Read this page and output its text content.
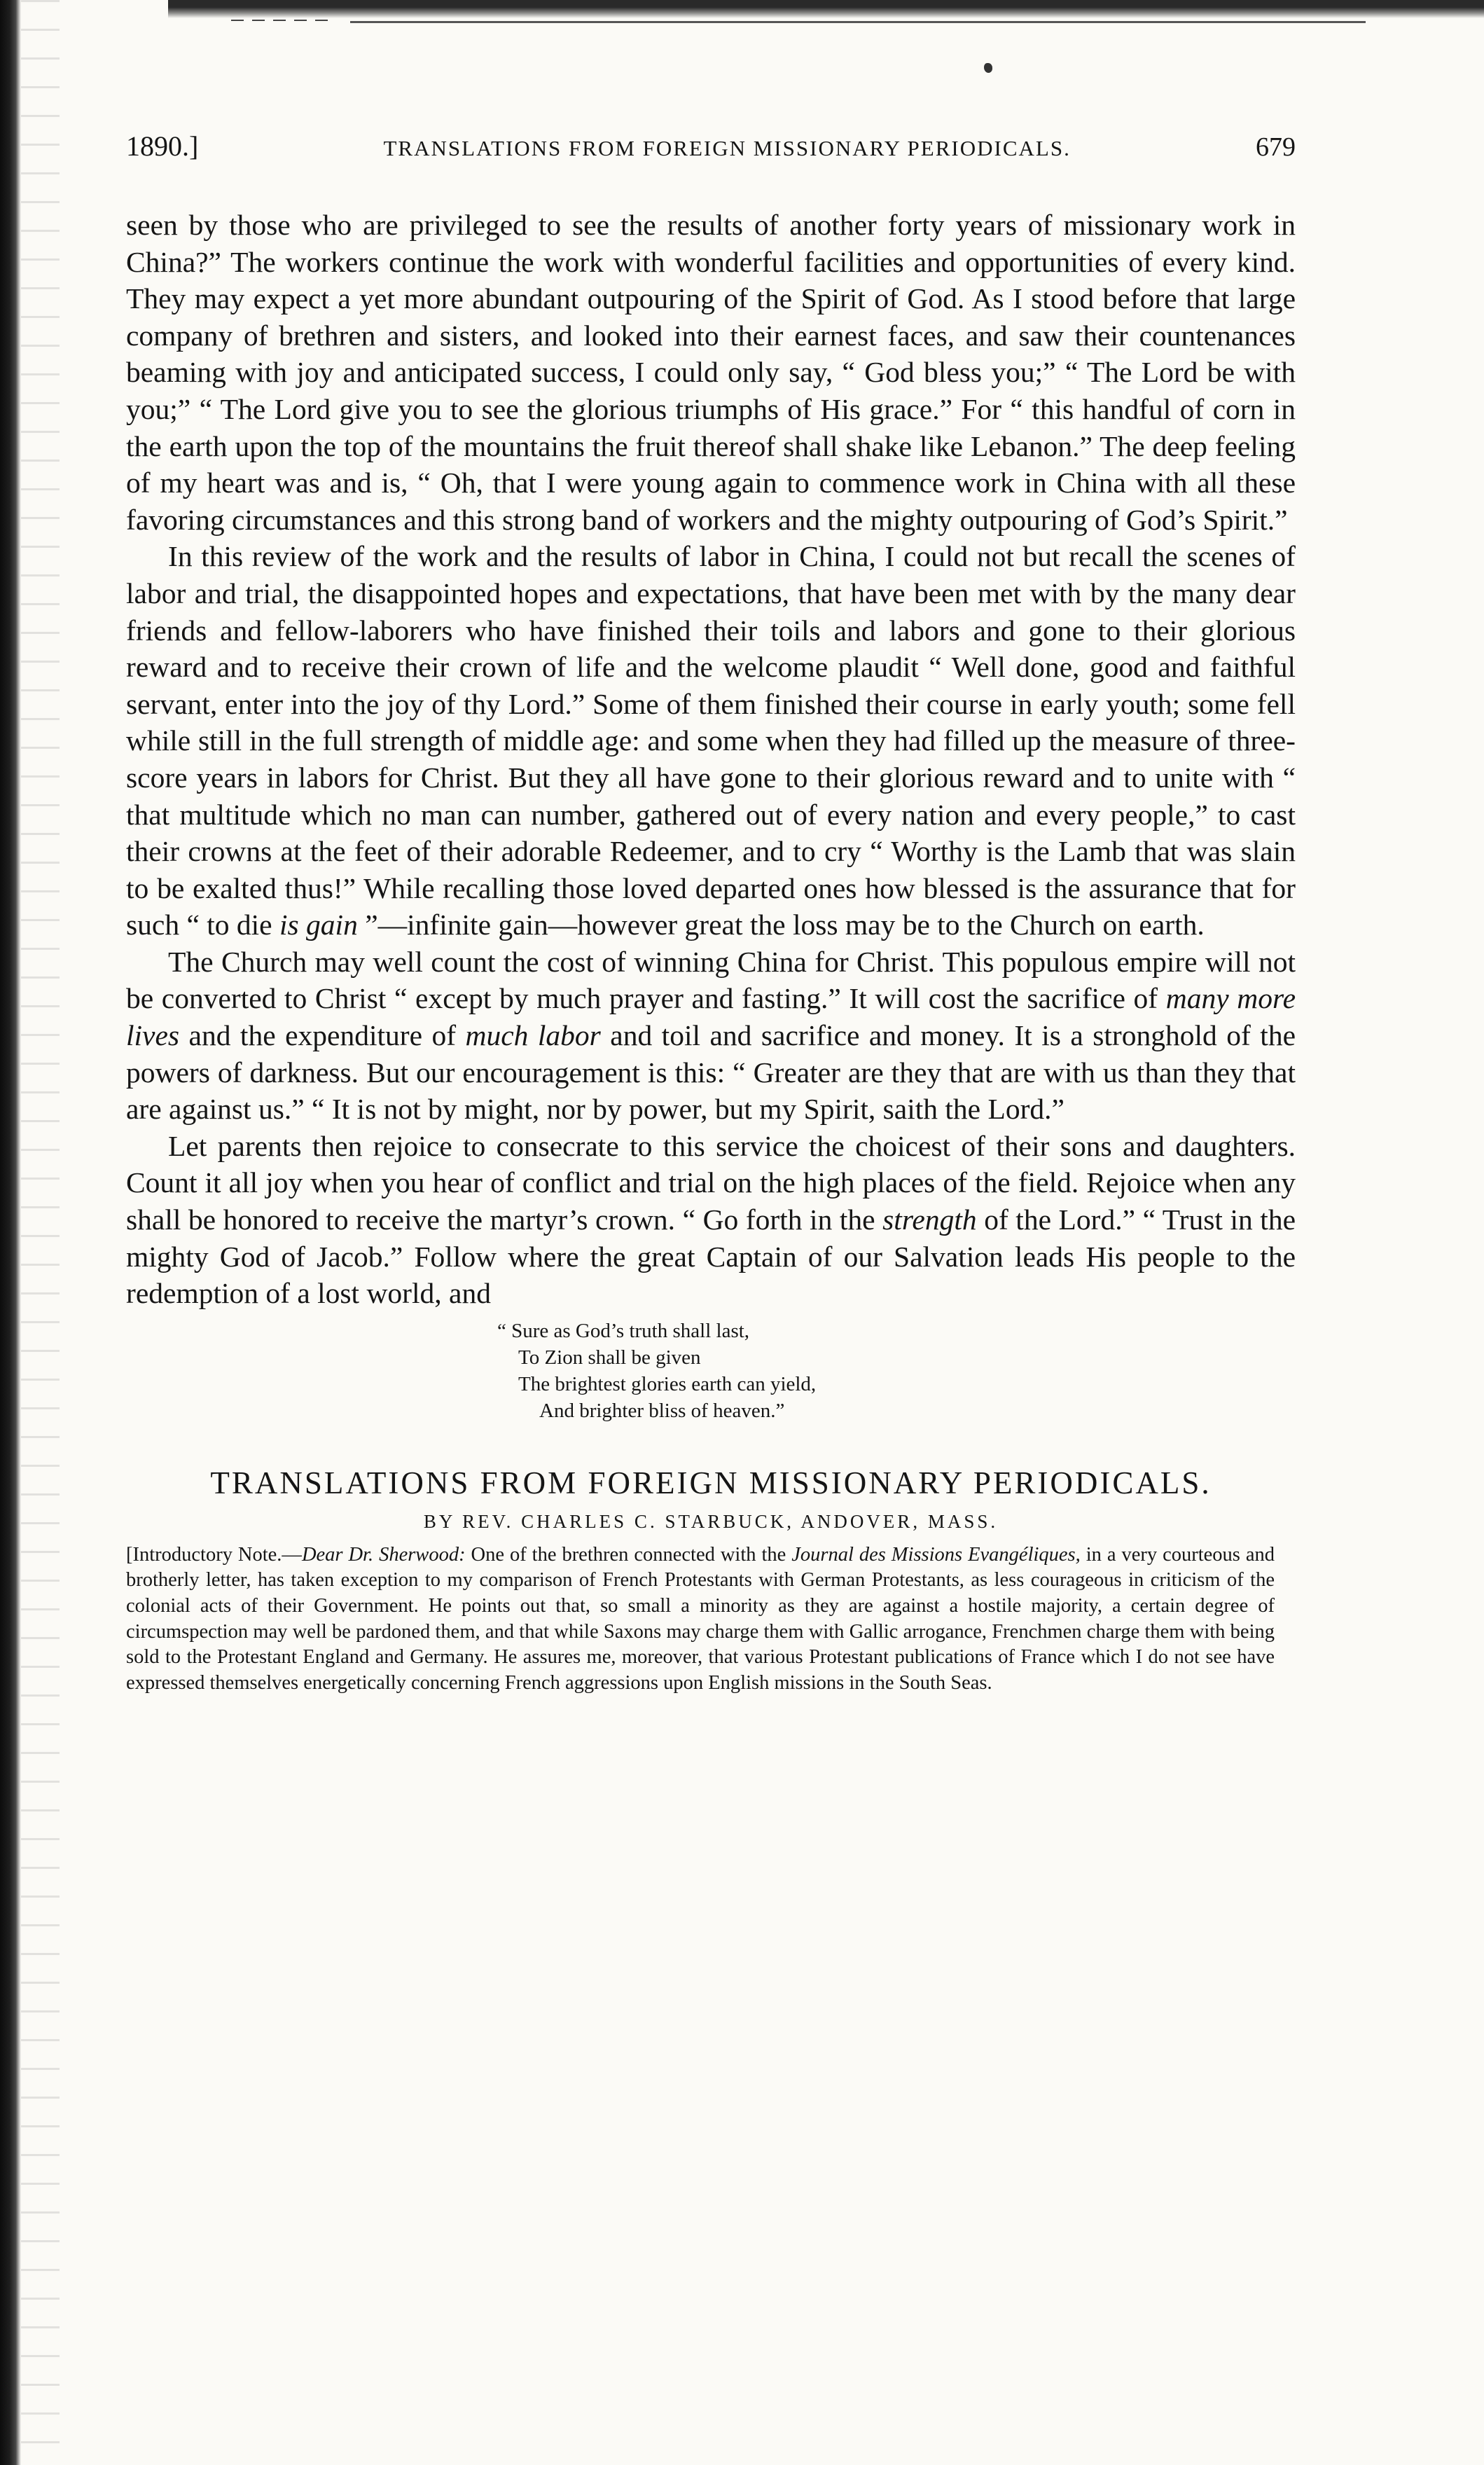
1890.]	TRANSLATIONS FROM FOREIGN MISSIONARY PERIODICALS.	679

seen by those who are privileged to see the results of another forty years of missionary work in China?” The workers continue the work with wonderful facilities and opportunities of every kind. They may expect a yet more abundant outpouring of the Spirit of God. As I stood before that large company of brethren and sisters, and looked into their earnest faces, and saw their countenances beaming with joy and anticipated success, I could only say, “ God bless you;” “ The Lord be with you;” “ The Lord give you to see the glorious triumphs of His grace.” For “ this handful of corn in the earth upon the top of the mountains the fruit thereof shall shake like Lebanon.” The deep feeling of my heart was and is, “ Oh, that I were young again to commence work in China with all these favoring circumstances and this strong band of workers and the mighty outpouring of God’s Spirit.”

In this review of the work and the results of labor in China, I could not but recall the scenes of labor and trial, the disappointed hopes and expectations, that have been met with by the many dear friends and fellow-laborers who have finished their toils and labors and gone to their glorious reward and to receive their crown of life and the welcome plaudit “ Well done, good and faithful servant, enter into the joy of thy Lord.” Some of them finished their course in early youth; some fell while still in the full strength of middle age: and some when they had filled up the measure of three-score years in labors for Christ. But they all have gone to their glorious reward and to unite with “ that multitude which no man can number, gathered out of every nation and every people,” to cast their crowns at the feet of their adorable Redeemer, and to cry “ Worthy is the Lamb that was slain to be exalted thus!” While recalling those loved departed ones how blessed is the assurance that for such “ to die is gain ”—infinite gain—however great the loss may be to the Church on earth.

The Church may well count the cost of winning China for Christ. This populous empire will not be converted to Christ “ except by much prayer and fasting.” It will cost the sacrifice of many more lives and the expenditure of much labor and toil and sacrifice and money. It is a stronghold of the powers of darkness. But our encouragement is this: “ Greater are they that are with us than they that are against us.” “ It is not by might, nor by power, but my Spirit, saith the Lord.”

Let parents then rejoice to consecrate to this service the choicest of their sons and daughters. Count it all joy when you hear of conflict and trial on the high places of the field. Rejoice when any shall be honored to receive the martyr’s crown. “ Go forth in the strength of the Lord.” “ Trust in the mighty God of Jacob.” Follow where the great Captain of our Salvation leads His people to the redemption of a lost world, and

“ Sure as God’s truth shall last,
To Zion shall be given
The brightest glories earth can yield,
And brighter bliss of heaven.”
TRANSLATIONS FROM FOREIGN MISSIONARY PERIODICALS.
BY REV. CHARLES C. STARBUCK, ANDOVER, MASS.
[Introductory Note.—Dear Dr. Sherwood: One of the brethren connected with the Journal des Missions Evangéliques, in a very courteous and brotherly letter, has taken exception to my comparison of French Protestants with German Protestants, as less courageous in criticism of the colonial acts of their Government. He points out that, so small a minority as they are against a hostile majority, a certain degree of circumspection may well be pardoned them, and that while Saxons may charge them with Gallic arrogance, Frenchmen charge them with being sold to the Protestant England and Germany. He assures me, moreover, that various Protestant publications of France which I do not see have expressed themselves energetically concerning French aggressions upon English missions in the South Seas.
